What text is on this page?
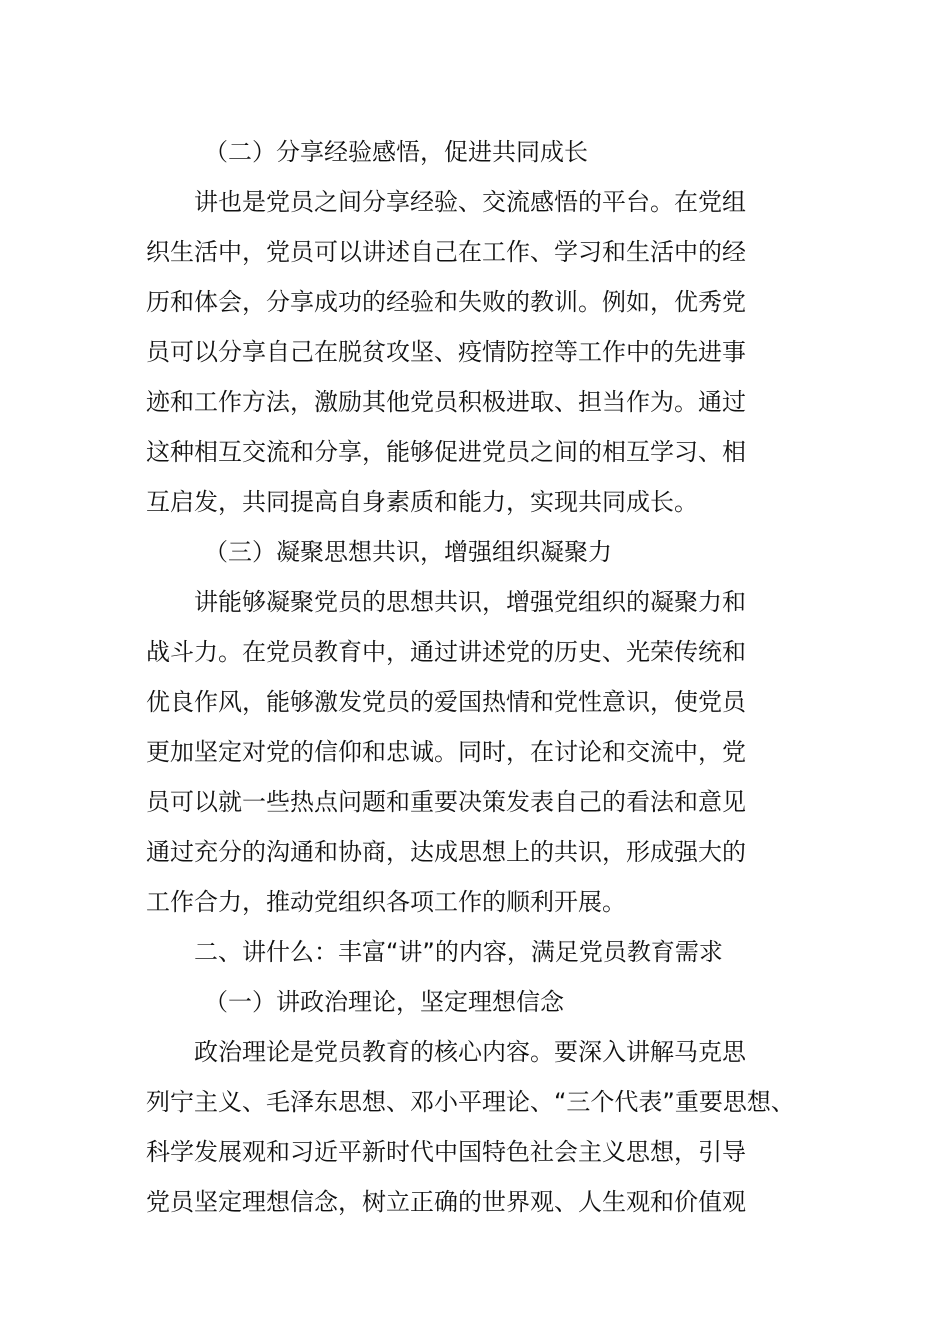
（二）分享经验感悟，促进共同成长

讲也是党员之间分享经验、交流感悟的平台。在党组

织生活中，党员可以讲述自己在工作、学习和生活中的经

历和体会，分享成功的经验和失败的教训。例如，优秀党

员可以分享自己在脱贫攻坚、疫情防控等工作中的先进事

迹和工作方法，激励其他党员积极进取、担当作为。通过

这种相互交流和分享，能够促进党员之间的相互学习、相

互启发，共同提高自身素质和能力，实现共同成长。

（三）凝聚思想共识，增强组织凝聚力

讲能够凝聚党员的思想共识，增强党组织的凝聚力和

战斗力。在党员教育中，通过讲述党的历史、光荣传统和

优良作风，能够激发党员的爱国热情和党性意识，使党员

更加坚定对党的信仰和忠诚。同时，在讨论和交流中，党

员可以就一些热点问题和重要决策发表自己的看法和意见

通过充分的沟通和协商，达成思想上的共识，形成强大的

工作合力，推动党组织各项工作的顺利开展。

二、讲什么：丰富“讲”的内容，满足党员教育需求

（一）讲政治理论，坚定理想信念

政治理论是党员教育的核心内容。要深入讲解马克思

列宁主义、毛泽东思想、邓小平理论、“三个代表”重要思想、

科学发展观和习近平新时代中国特色社会主义思想，引导

党员坚定理想信念，树立正确的世界观、人生观和价值观
